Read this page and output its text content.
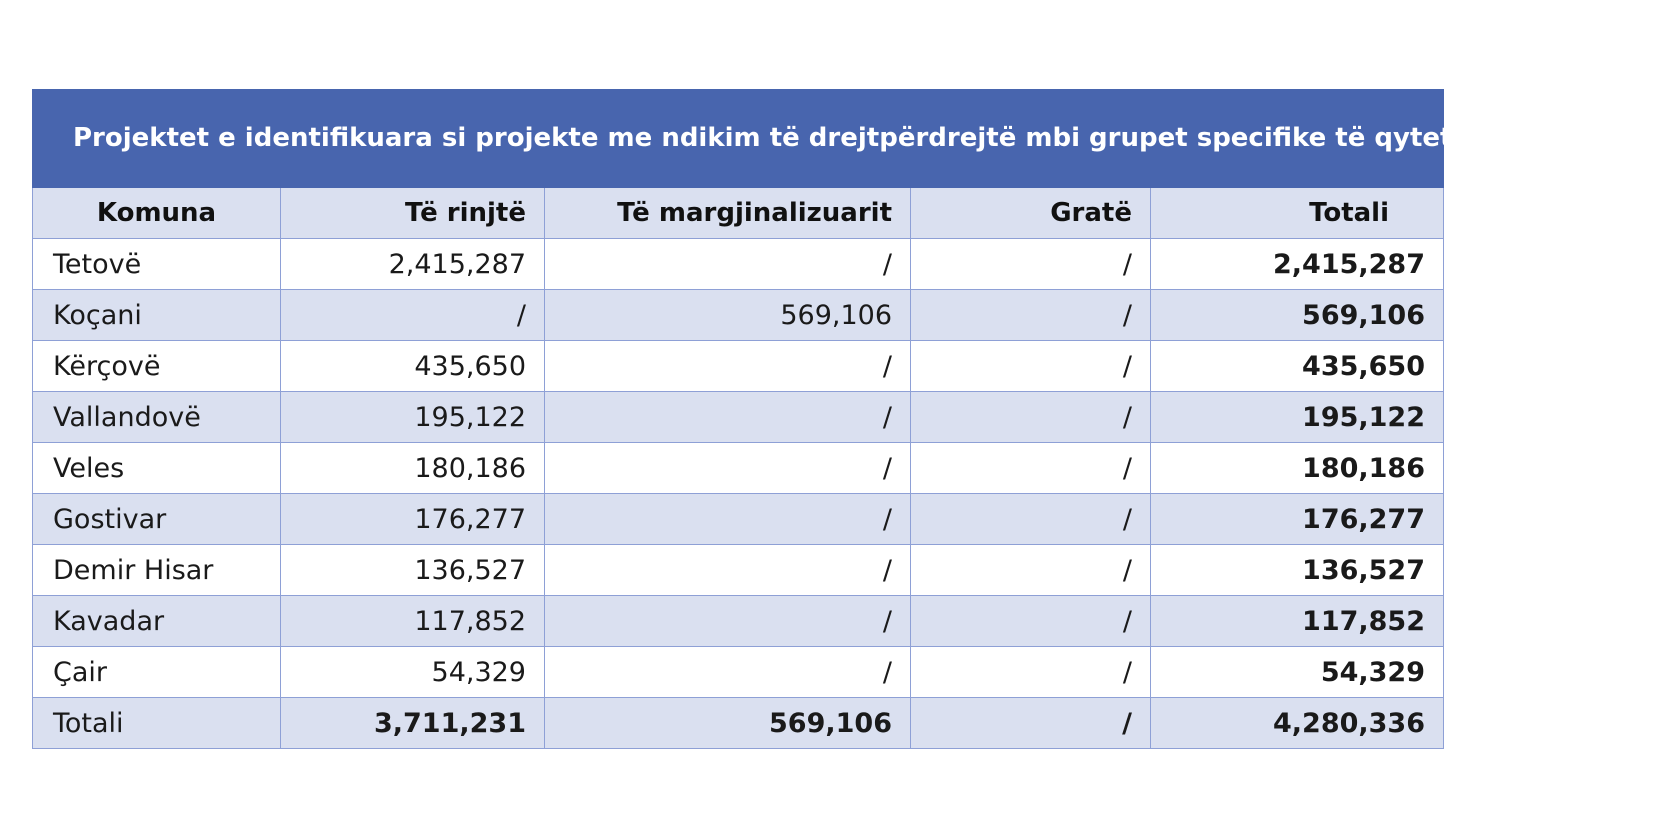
Projektet e identifikuara si projekte me ndikim të drejtpërdrejtë mbi grupet specifike të qytetarëve (në euro)				
Komuna	Të rinjtë	Të margjinalizuarit	Gratë	Totali
Tetovë	2,415,287	/	/	2,415,287
Koçani	/	569,106	/	569,106
Kërçovë	435,650	/	/	435,650
Vallandovë	195,122	/	/	195,122
Veles	180,186	/	/	180,186
Gostivar	176,277	/	/	176,277
Demir Hisar	136,527	/	/	136,527
Kavadar	117,852	/	/	117,852
Çair	54,329	/	/	54,329
Totali	3,711,231	569,106	/	4,280,336
